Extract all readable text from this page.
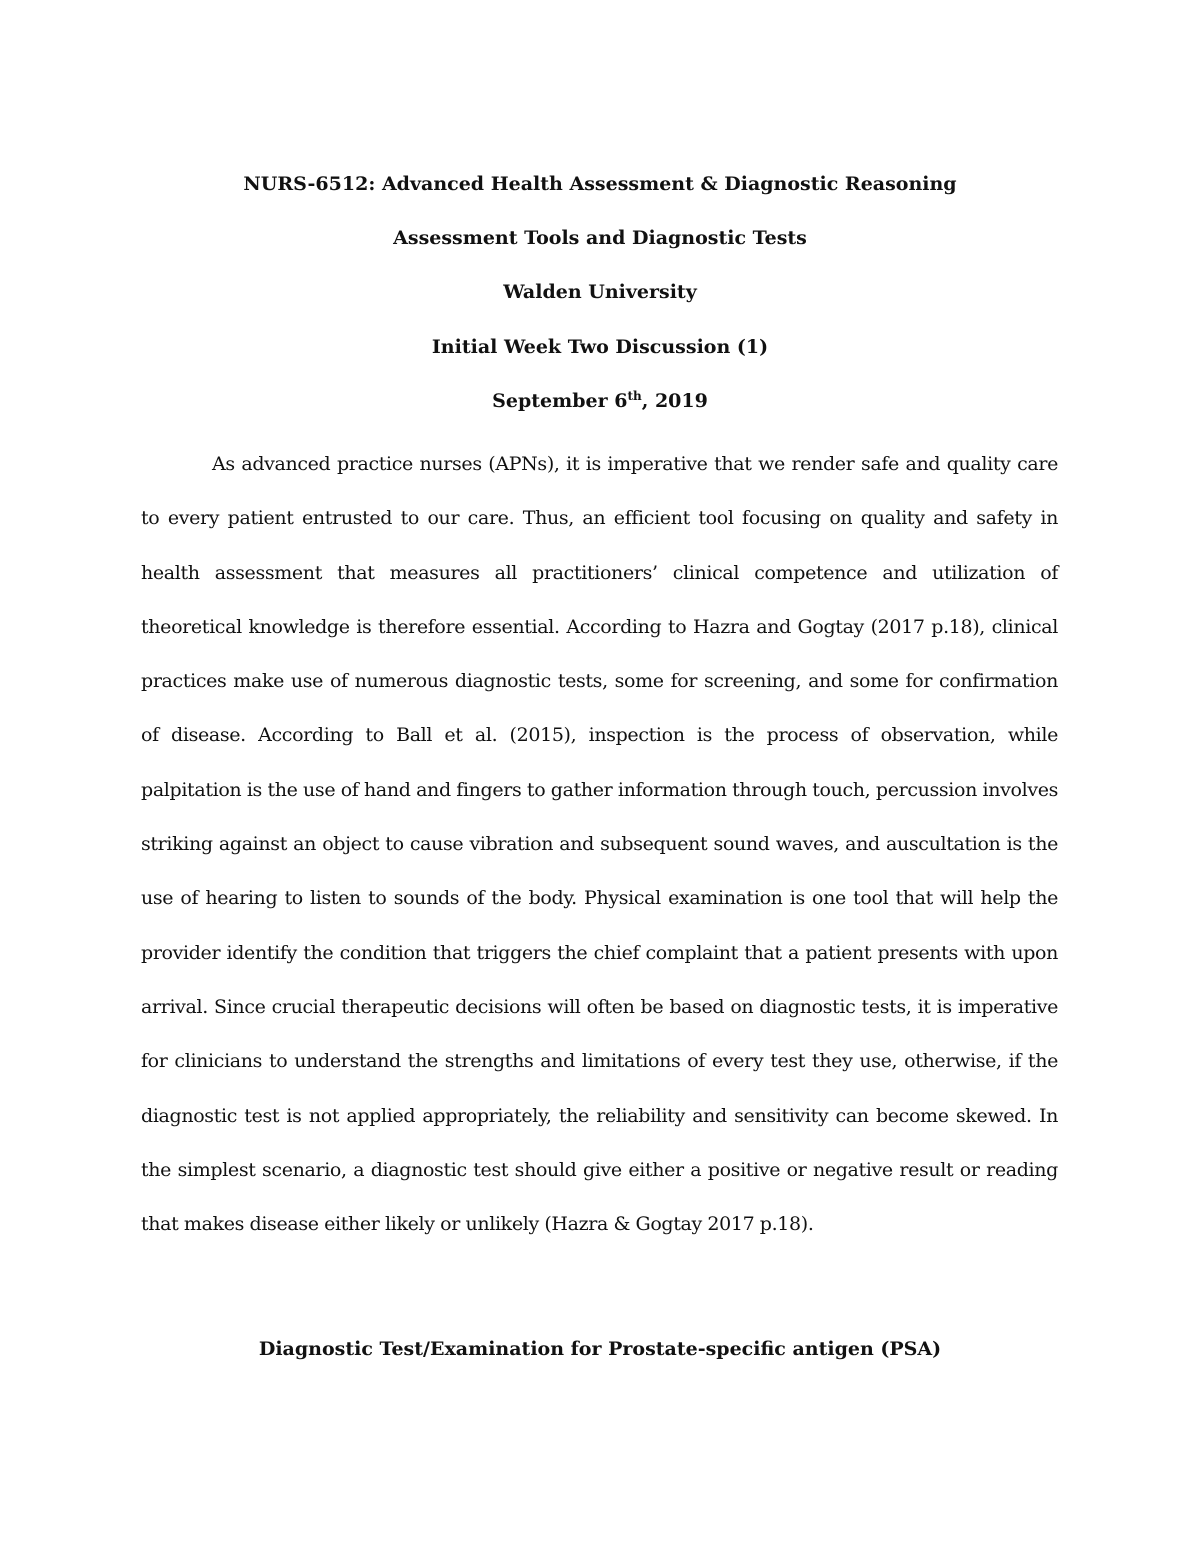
NURS-6512: Advanced Health Assessment & Diagnostic Reasoning
Assessment Tools and Diagnostic Tests
Walden University
Initial Week Two Discussion (1)
September 6th, 2019

As advanced practice nurses (APNs), it is imperative that we render safe and quality care to every patient entrusted to our care. Thus, an efficient tool focusing on quality and safety in health assessment that measures all practitioners’ clinical competence and utilization of theoretical knowledge is therefore essential. According to Hazra and Gogtay (2017 p.18), clinical practices make use of numerous diagnostic tests, some for screening, and some for confirmation of disease. According to Ball et al. (2015), inspection is the process of observation, while palpitation is the use of hand and fingers to gather information through touch, percussion involves striking against an object to cause vibration and subsequent sound waves, and auscultation is the use of hearing to listen to sounds of the body. Physical examination is one tool that will help the provider identify the condition that triggers the chief complaint that a patient presents with upon arrival. Since crucial therapeutic decisions will often be based on diagnostic tests, it is imperative for clinicians to understand the strengths and limitations of every test they use, otherwise, if the diagnostic test is not applied appropriately, the reliability and sensitivity can become skewed. In the simplest scenario, a diagnostic test should give either a positive or negative result or reading that makes disease either likely or unlikely (Hazra & Gogtay 2017 p.18).

Diagnostic Test/Examination for Prostate-specific antigen (PSA)
